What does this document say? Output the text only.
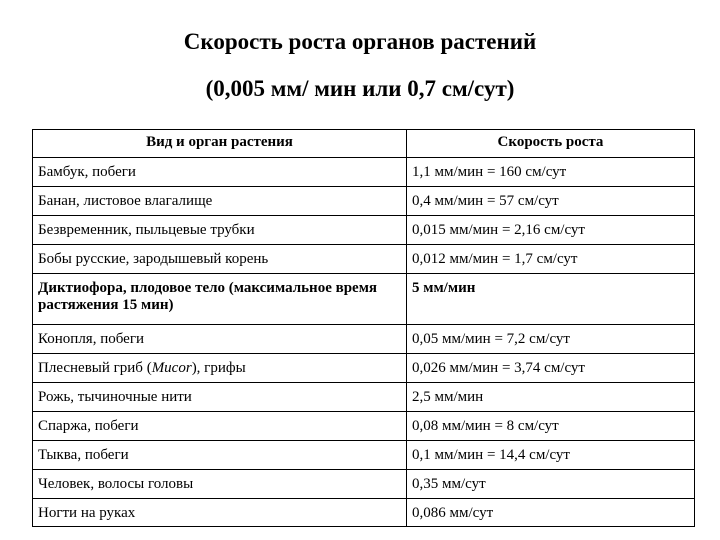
Скорость роста органов растений

(0,005 мм/ мин или 0,7 см/сут)

Вид и орган растения	Скорость роста
Бамбук, побеги	1,1 мм/мин = 160 см/сут
Банан, листовое влагалище	0,4 мм/мин = 57 см/сут
Безвременник, пыльцевые трубки	0,015 мм/мин = 2,16 см/сут
Бобы русские, зародышевый корень	0,012 мм/мин = 1,7 см/сут
Диктиофора, плодовое тело (максимальное время растяжения 15 мин)	5 мм/мин
Конопля, побеги	0,05 мм/мин = 7,2 см/сут
Плесневый гриб (Mucor), грифы	0,026 мм/мин = 3,74 см/сут
Рожь, тычиночные нити	2,5 мм/мин
Спаржа, побеги	0,08 мм/мин = 8 см/сут
Тыква, побеги	0,1 мм/мин = 14,4 см/сут
Человек, волосы головы	0,35 мм/сут
Ногти на руках	0,086 мм/сут
